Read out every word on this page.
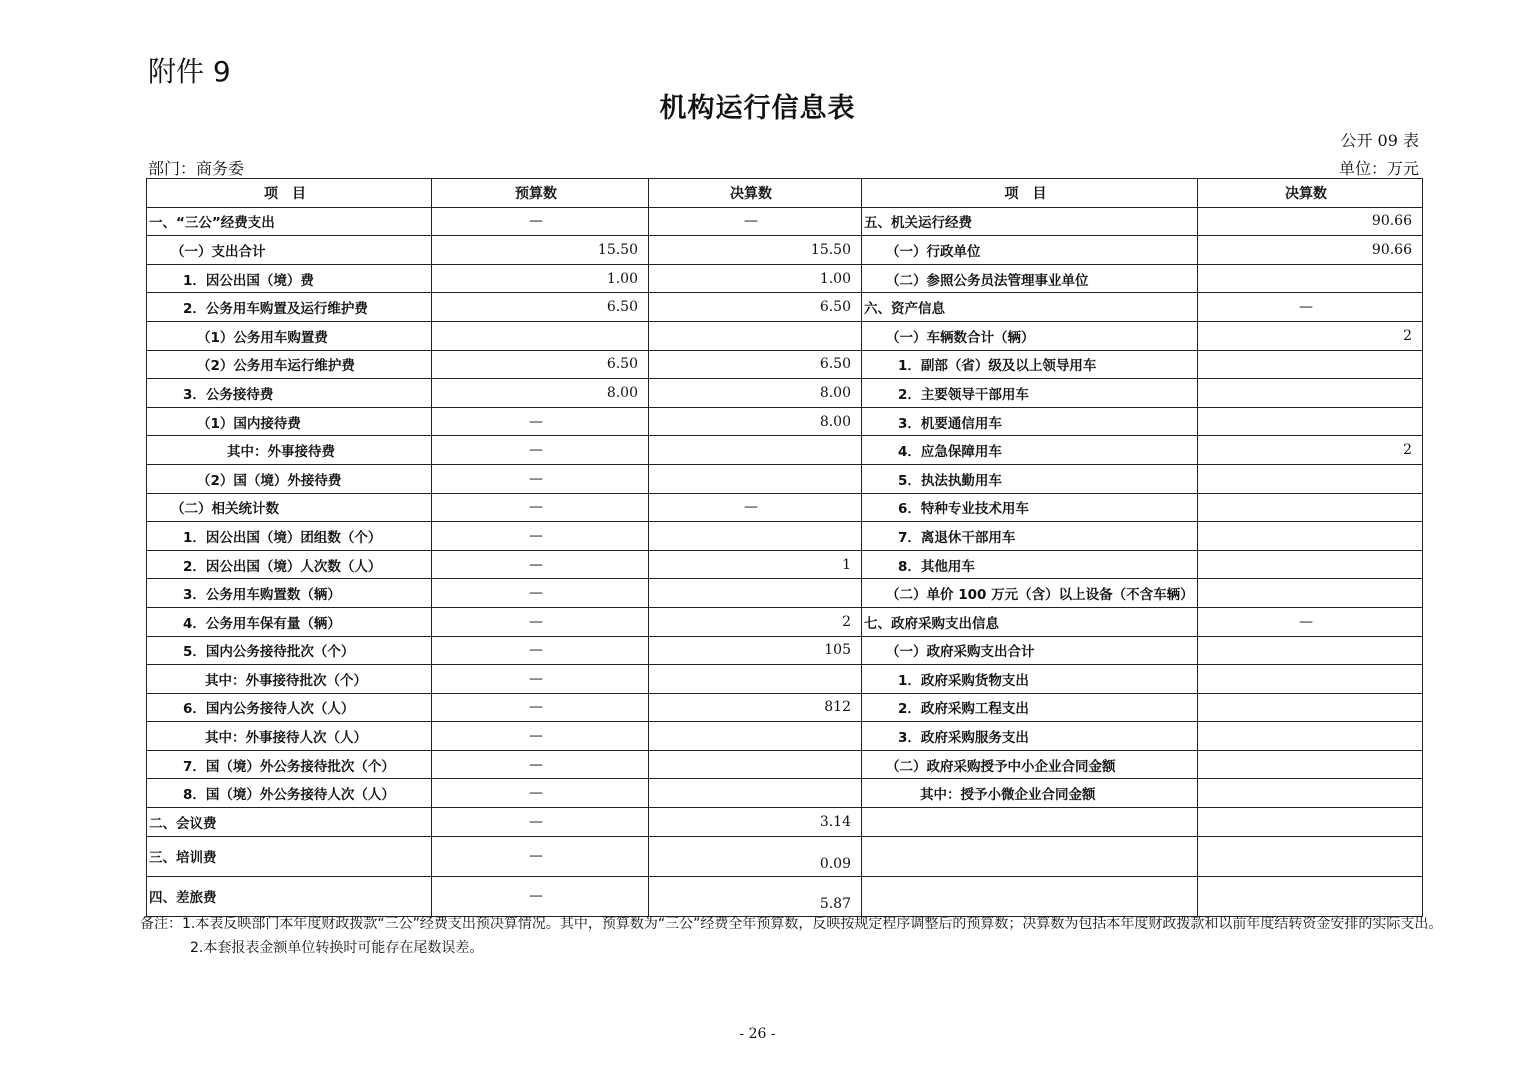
附件 9
机构运行信息表
公开 09 表
部门：商务委	单位：万元
项　目	预算数	决算数	项　目	决算数
一、“三公”经费支出	—	—	五、机关运行经费	90.66
（一）支出合计	15.50	15.50	（一）行政单位	90.66
1．因公出国（境）费	1.00	1.00	（二）参照公务员法管理事业单位	
2．公务用车购置及运行维护费	6.50	6.50	六、资产信息	—
（1）公务用车购置费			（一）车辆数合计（辆）	2
（2）公务用车运行维护费	6.50	6.50	1．副部（省）级及以上领导用车	
3．公务接待费	8.00	8.00	2．主要领导干部用车	
（1）国内接待费	—	8.00	3．机要通信用车	
其中：外事接待费	—		4．应急保障用车	2
（2）国（境）外接待费	—		5．执法执勤用车	
（二）相关统计数	—	—	6．特种专业技术用车	
1．因公出国（境）团组数（个）	—		7．离退休干部用车	
2．因公出国（境）人次数（人）	—	1	8．其他用车	
3．公务用车购置数（辆）	—		（二）单价 100 万元（含）以上设备（不含车辆）	
4．公务用车保有量（辆）	—	2	七、政府采购支出信息	—
5．国内公务接待批次（个）	—	105	（一）政府采购支出合计	
其中：外事接待批次（个）	—		1．政府采购货物支出	
6．国内公务接待人次（人）	—	812	2．政府采购工程支出	
其中：外事接待人次（人）	—		3．政府采购服务支出	
7．国（境）外公务接待批次（个）	—		（二）政府采购授予中小企业合同金额	
8．国（境）外公务接待人次（人）	—		其中：授予小微企业合同金额	
二、会议费	—	3.14		
三、培训费	—	0.09		
四、差旅费	—	5.87		
备注：1.本表反映部门本年度财政拨款“三公”经费支出预决算情况。其中，预算数为“三公”经费全年预算数，反映按规定程序调整后的预算数；决算数为包括本年度财政拨款和以前年度结转资金安排的实际支出。
2.本套报表金额单位转换时可能存在尾数误差。
- 26 -
